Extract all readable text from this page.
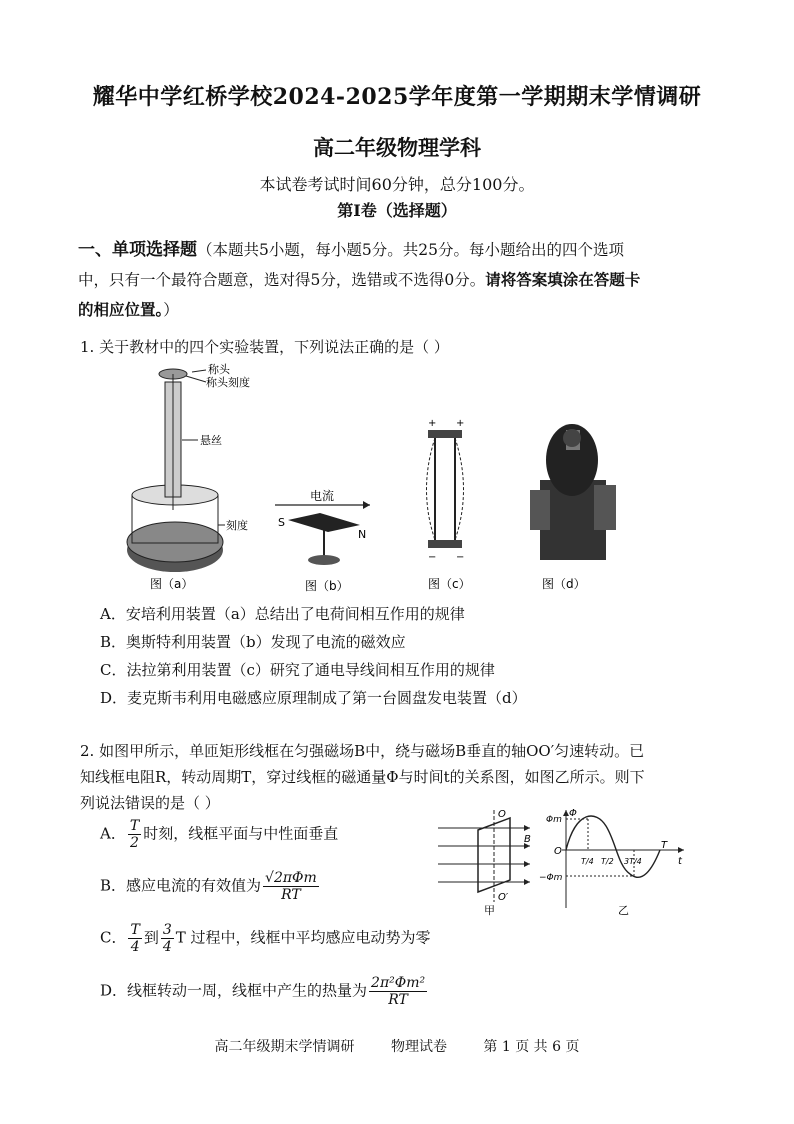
耀华中学红桥学校2024-2025学年度第一学期期末学情调研
高二年级物理学科
本试卷考试时间60分钟，总分100分。
第Ⅰ卷（选择题）
一、单项选择题（本题共5小题，每小题5分。共25分。每小题给出的四个选项
中，只有一个最符合题意，选对得5分，选错或不选得0分。请将答案填涂在答题卡
的相应位置。）
1. 关于教材中的四个实验装置，下列说法正确的是（ ）
称头
称头刻度
悬丝
刻度
图（a）
电流
S
N
图（b）
+ +
− −
图（c）	图（d）
A．安培利用装置（a）总结出了电荷间相互作用的规律
B．奥斯特利用装置（b）发现了电流的磁效应
C．法拉第利用装置（c）研究了通电导线间相互作用的规律
D．麦克斯韦利用电磁感应原理制成了第一台圆盘发电装置（d）
2. 如图甲所示，单匝矩形线框在匀强磁场B中，绕与磁场B垂直的轴OO′匀速转动。已
知线框电阻R，转动周期T，穿过线框的磁通量Φ与时间t的关系图，如图乙所示。则下
列说法错误的是（ ）
A． $\frac{T}{2}$ 时刻，线框平面与中性面垂直
B．感应电流的有效值为 $\frac{\text{√2πΦm}}{RT}$
C． $\frac{T}{4}$ 到 $\frac{3}{4}$ T 过程中，线框中平均感应电动势为零
D．线框转动一周，线框中产生的热量为 $\frac{\text{2π²Φm²}}{RT}$
O
O′
B
甲
Φ
Φm
−Φm
O
T/4 T/2 3T/4
T
t
乙
高二年级期末学情调研	物理试卷	第 1 页 共 6 页
